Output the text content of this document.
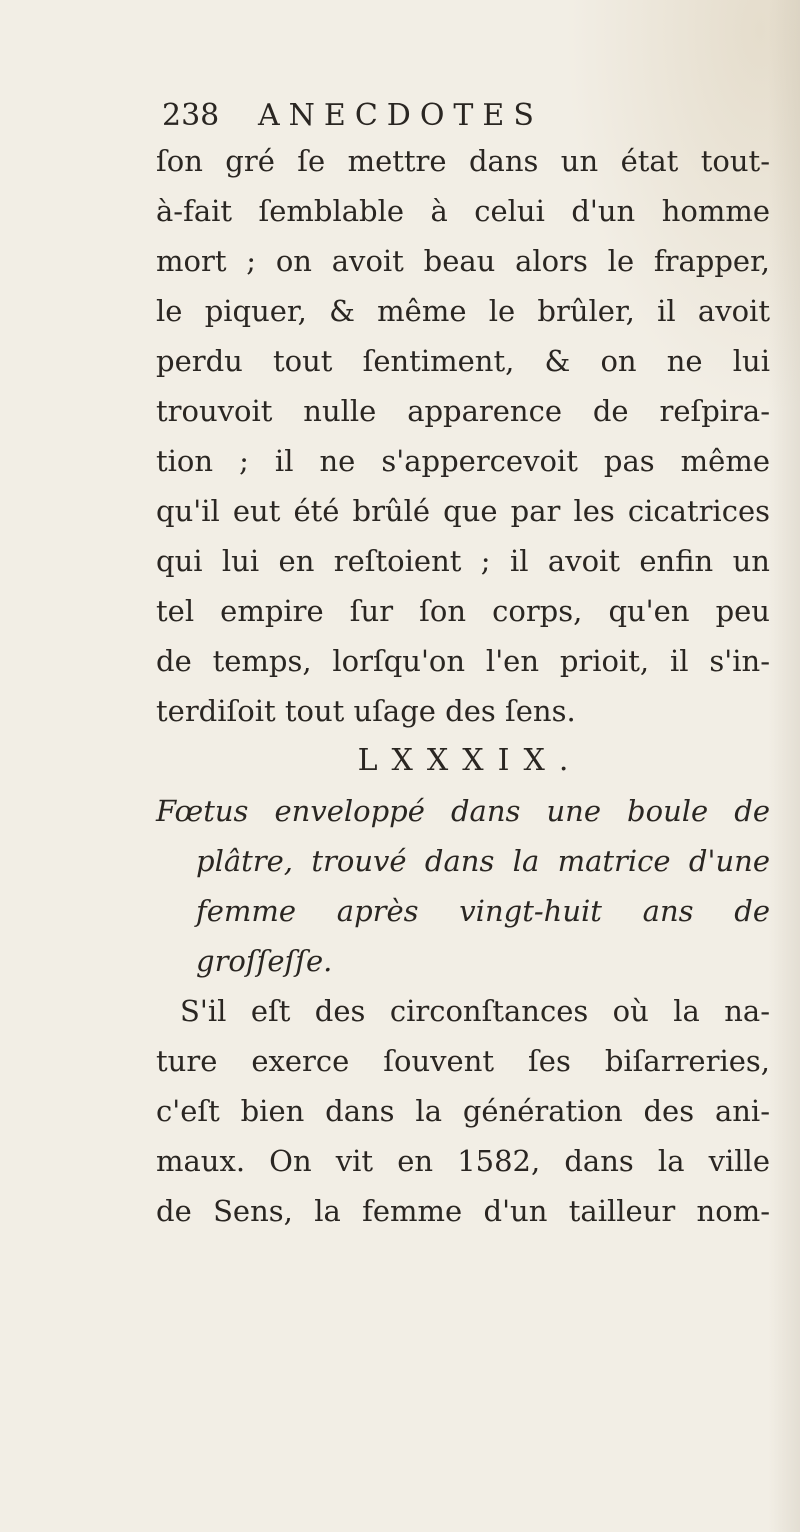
238 ANECDOTES
ſon gré ſe mettre dans un état tout-
à-fait ſemblable à celui d'un homme
mort ; on avoit beau alors le frapper,
le piquer, & même le brûler, il avoit
perdu tout ſentiment, & on ne lui
trouvoit nulle apparence de reſpira-
tion ; il ne s'appercevoit pas même
qu'il eut été brûlé que par les cicatrices
qui lui en reſtoient ; il avoit enfin un
tel empire ſur ſon corps, qu'en peu
de temps, lorſqu'on l'en prioit, il s'in-
terdiſoit tout uſage des ſens.
LXXXIX.
Fœtus enveloppé dans une boule de
plâtre, trouvé dans la matrice d'une
femme après vingt-huit ans de
groſſeſſe.
S'il eſt des circonſtances où la na-
ture exerce ſouvent ſes biſarreries,
c'eſt bien dans la génération des ani-
maux. On vit en 1582, dans la ville
de Sens, la femme d'un tailleur nom-
